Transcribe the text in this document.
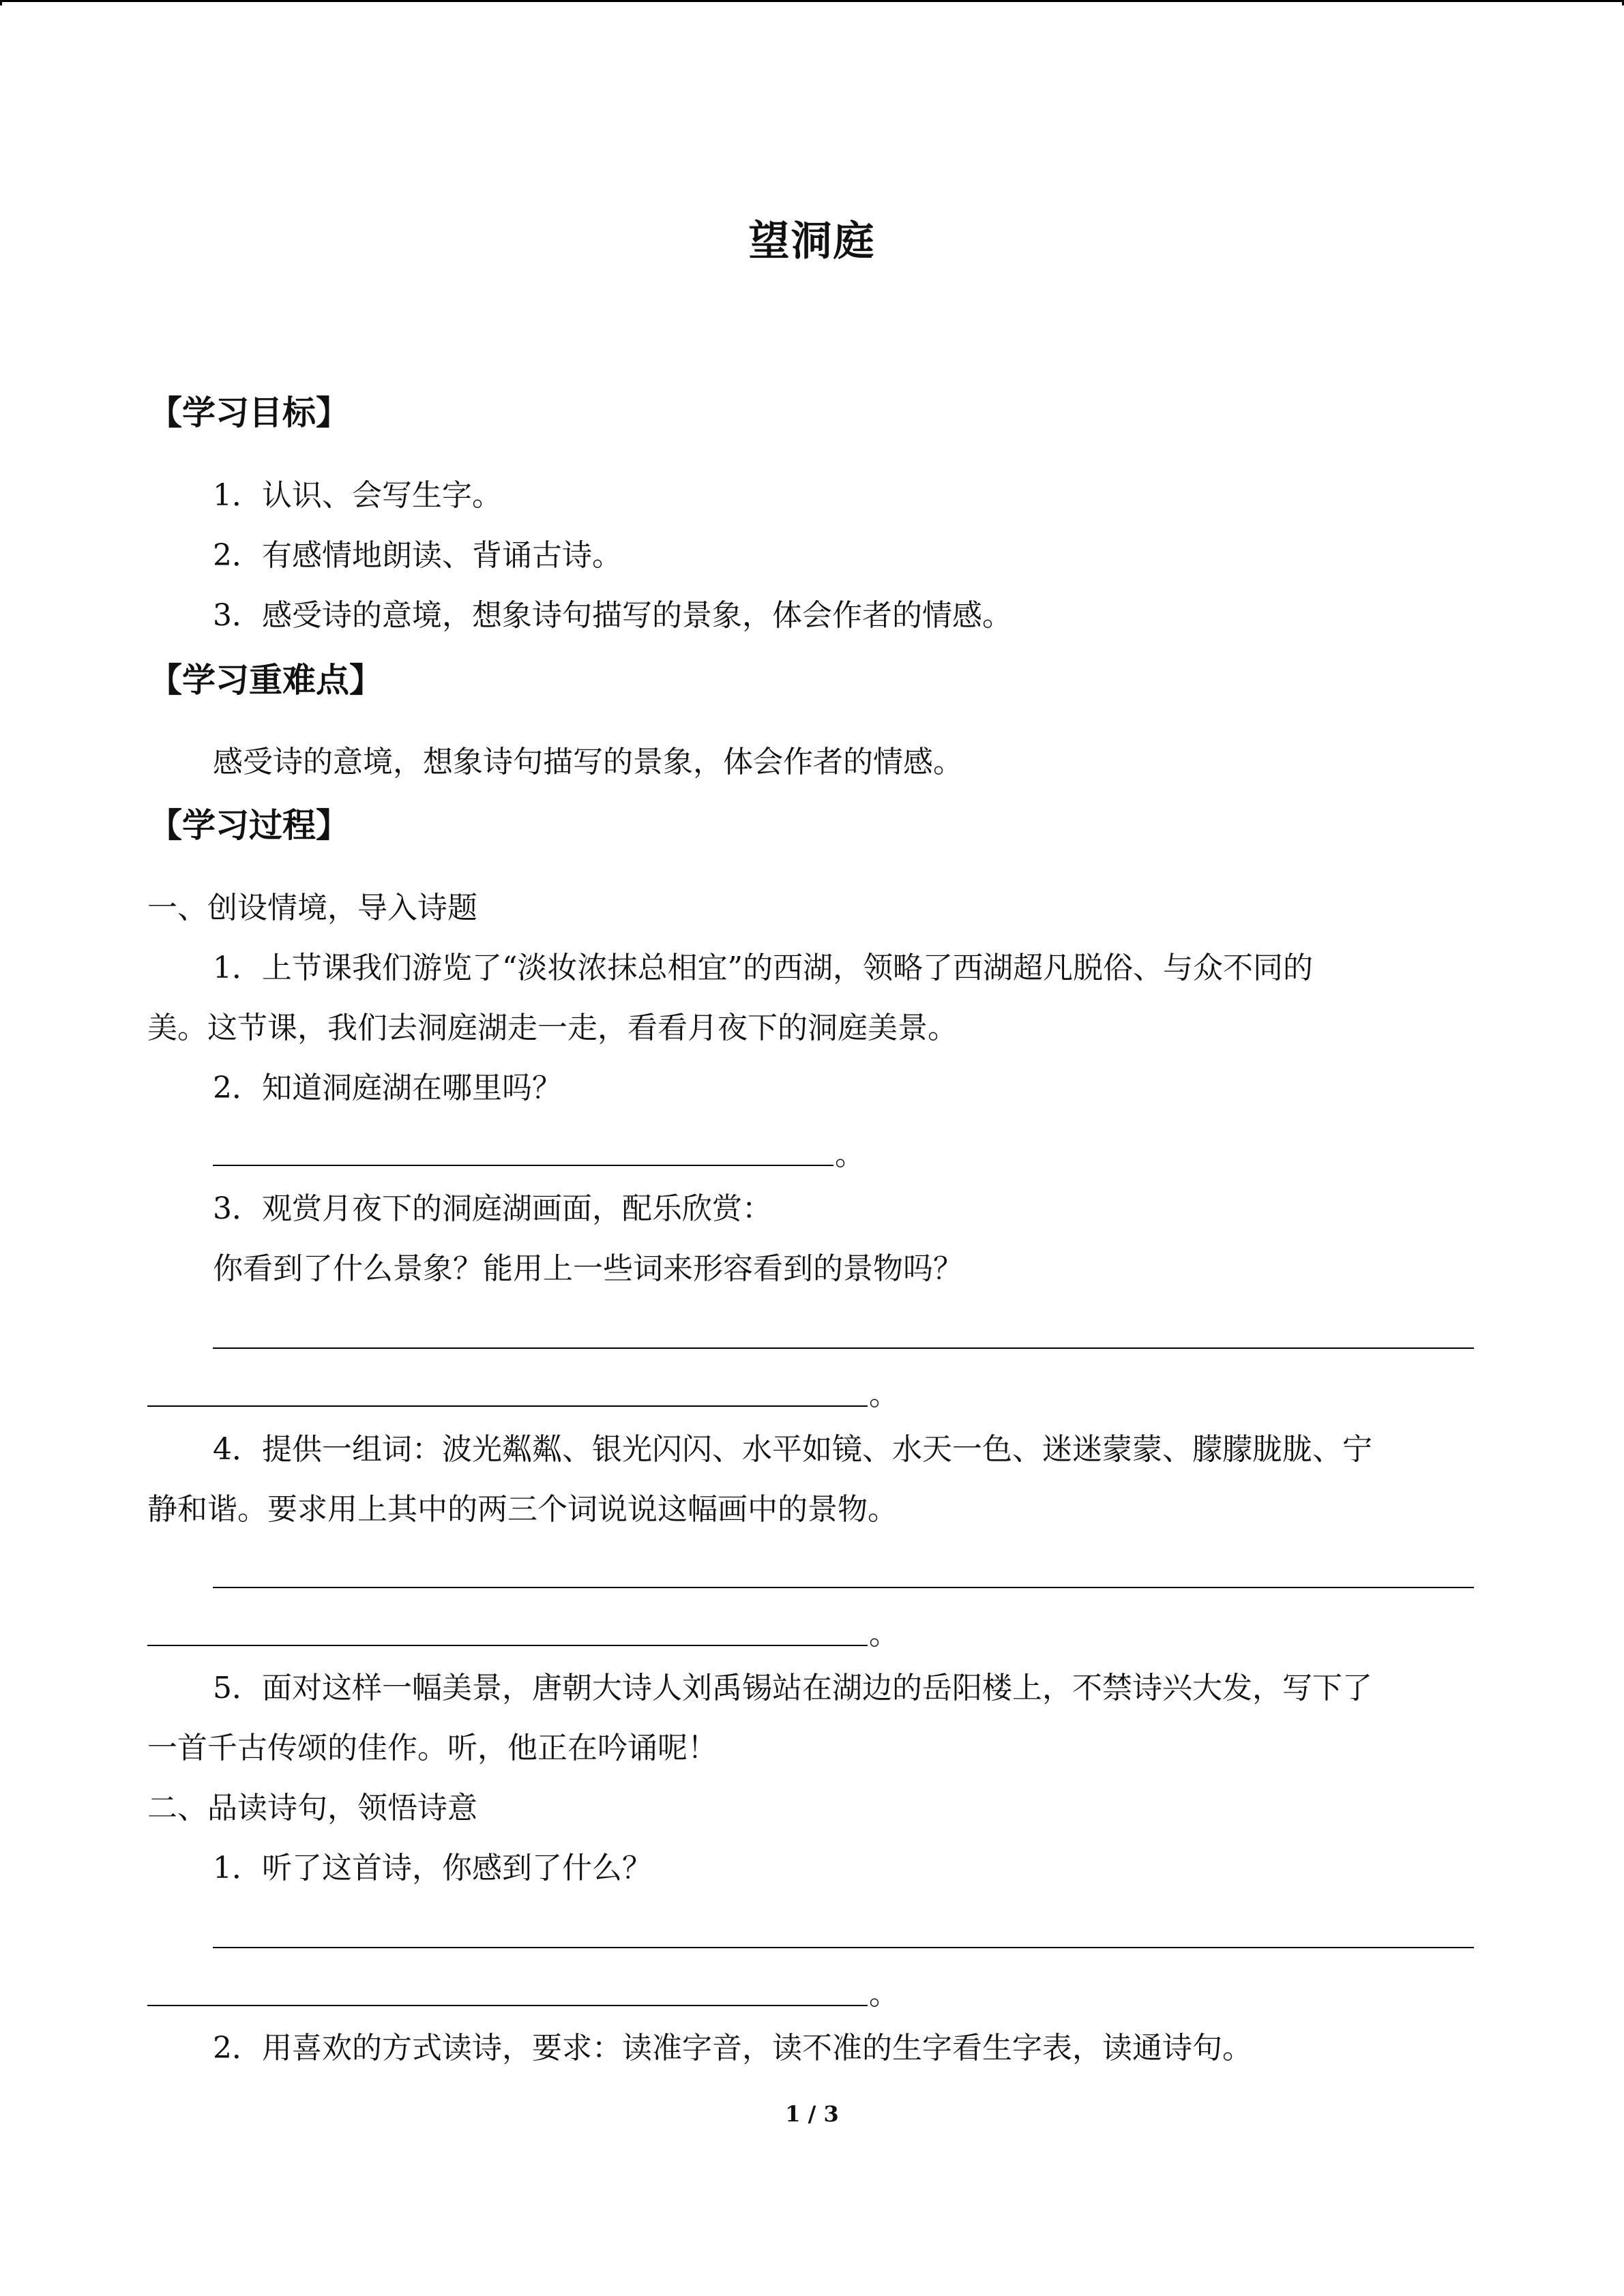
望洞庭
【学习目标】
1．认识、会写生字。
2．有感情地朗读、背诵古诗。
3．感受诗的意境，想象诗句描写的景象，体会作者的情感。
【学习重难点】
感受诗的意境，想象诗句描写的景象，体会作者的情感。
【学习过程】
一、创设情境，导入诗题
1．上节课我们游览了“淡妆浓抹总相宜”的西湖，领略了西湖超凡脱俗、与众不同的
美。这节课，我们去洞庭湖走一走，看看月夜下的洞庭美景。
2．知道洞庭湖在哪里吗？
。
3．观赏月夜下的洞庭湖画面，配乐欣赏：
你看到了什么景象？能用上一些词来形容看到的景物吗？
。
4．提供一组词：波光粼粼、银光闪闪、水平如镜、水天一色、迷迷蒙蒙、朦朦胧胧、宁
静和谐。要求用上其中的两三个词说说这幅画中的景物。
。
5．面对这样一幅美景，唐朝大诗人刘禹锡站在湖边的岳阳楼上，不禁诗兴大发，写下了
一首千古传颂的佳作。听，他正在吟诵呢！
二、品读诗句，领悟诗意
1．听了这首诗，你感到了什么？
。
2．用喜欢的方式读诗，要求：读准字音，读不准的生字看生字表，读通诗句。
1 / 3
